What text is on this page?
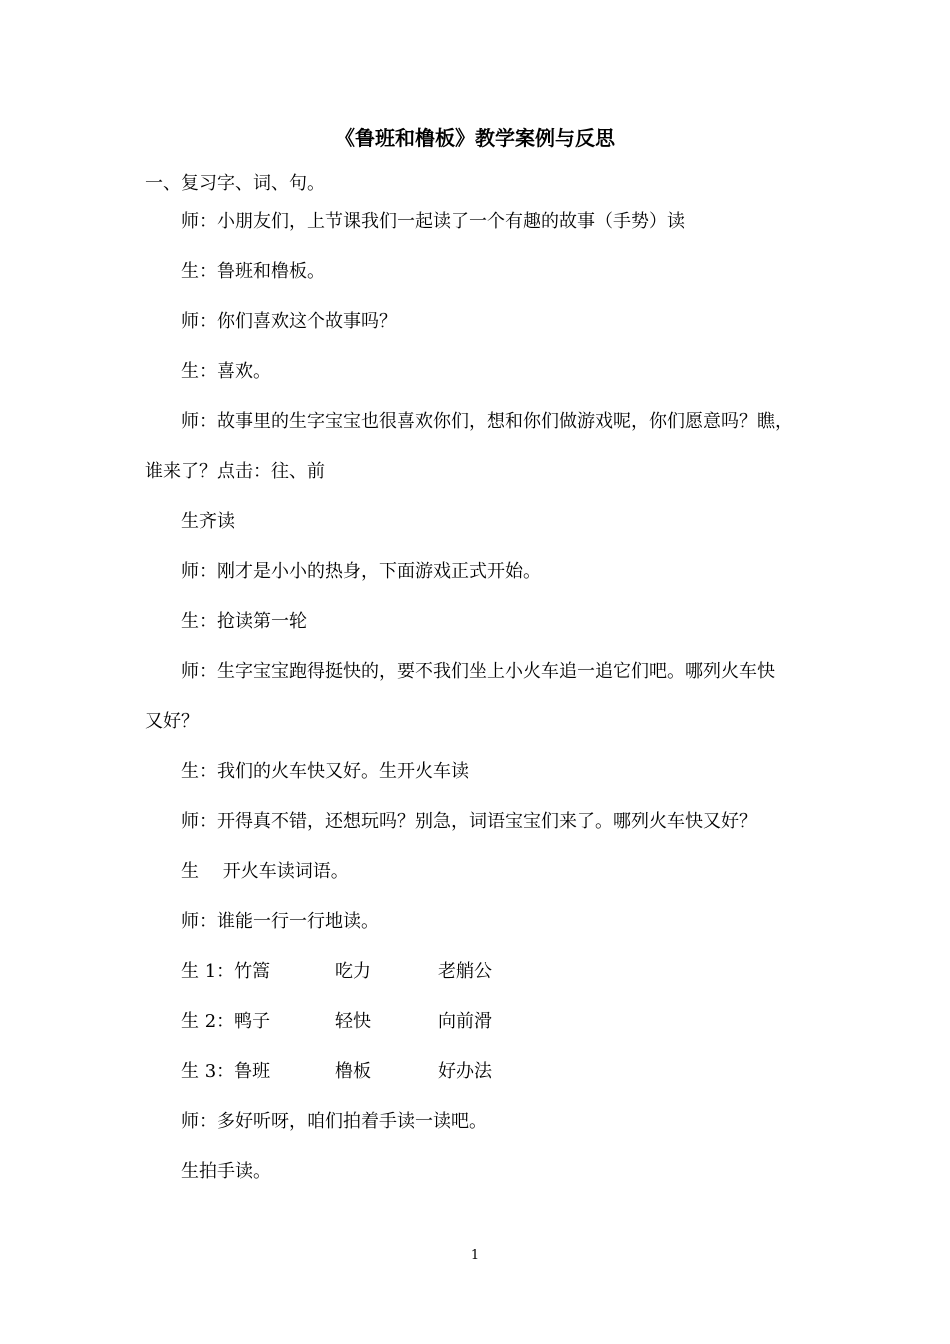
《鲁班和橹板》教学案例与反思
一、复习字、词、句。
师：小朋友们，上节课我们一起读了一个有趣的故事（手势）读
生：鲁班和橹板。
师：你们喜欢这个故事吗？
生：喜欢。
师：故事里的生字宝宝也很喜欢你们，想和你们做游戏呢，你们愿意吗？瞧，
谁来了？点击：往、前
生齐读
师：刚才是小小的热身，下面游戏正式开始。
生：抢读第一轮
师：生字宝宝跑得挺快的，要不我们坐上小火车追一追它们吧。哪列火车快
又好？
生：我们的火车快又好。生开火车读
师：开得真不错，还想玩吗？别急，词语宝宝们来了。哪列火车快又好？
生　 开火车读词语。
师：谁能一行一行地读。
生 1：竹篙	吃力	老艄公
生 2：鸭子	轻快	向前滑
生 3：鲁班	橹板	好办法
师：多好听呀，咱们拍着手读一读吧。
生拍手读。
1
